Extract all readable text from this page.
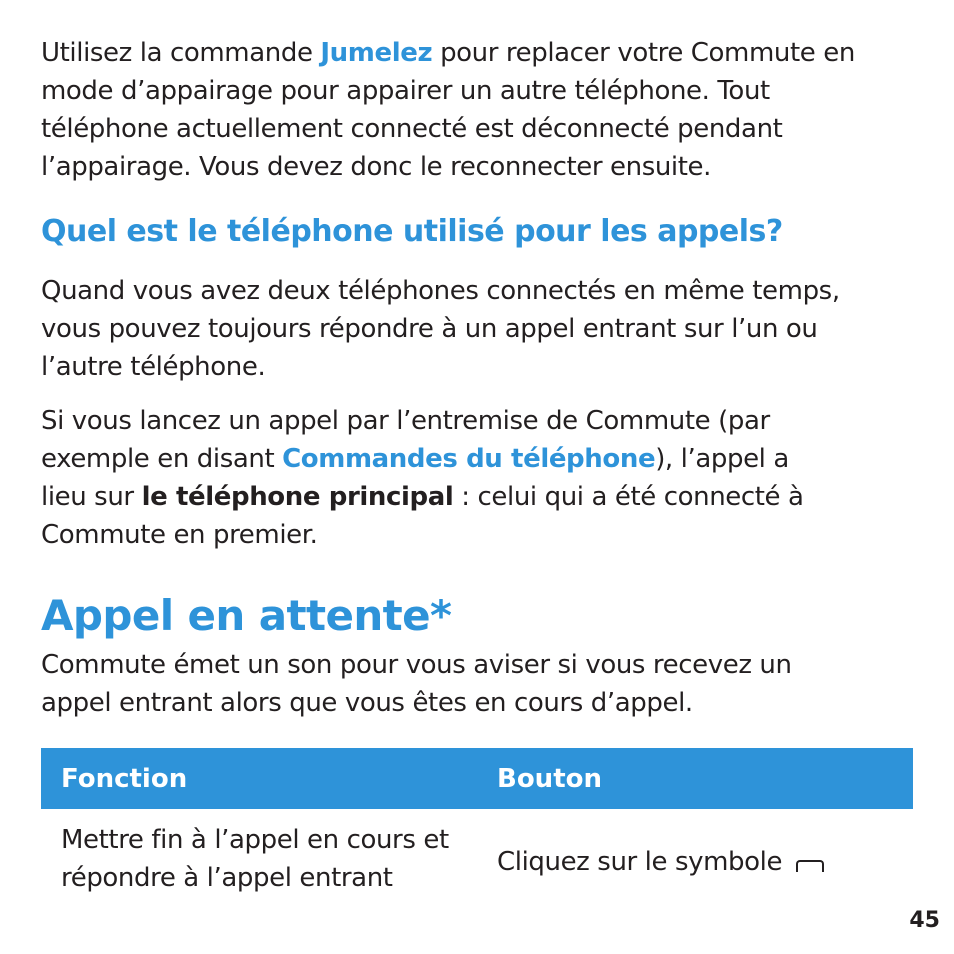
Utilisez la commande Jumelez pour replacer votre Commute en mode d’appairage pour appairer un autre téléphone. Tout téléphone actuellement connecté est déconnecté pendant l’appairage. Vous devez donc le reconnecter ensuite.

Quel est le téléphone utilisé pour les appels?

Quand vous avez deux téléphones connectés en même temps, vous pouvez toujours répondre à un appel entrant sur l’un ou l’autre téléphone.

Si vous lancez un appel par l’entremise de Commute (par exemple en disant Commandes du téléphone), l’appel a lieu sur le téléphone principal : celui qui a été connecté à Commute en premier.

Appel en attente*

Commute émet un son pour vous aviser si vous recevez un appel entrant alors que vous êtes en cours d’appel.

Fonction	Bouton

Mettre fin à l’appel en cours et répondre à l’appel entrant

Cliquez sur le symbole

45
